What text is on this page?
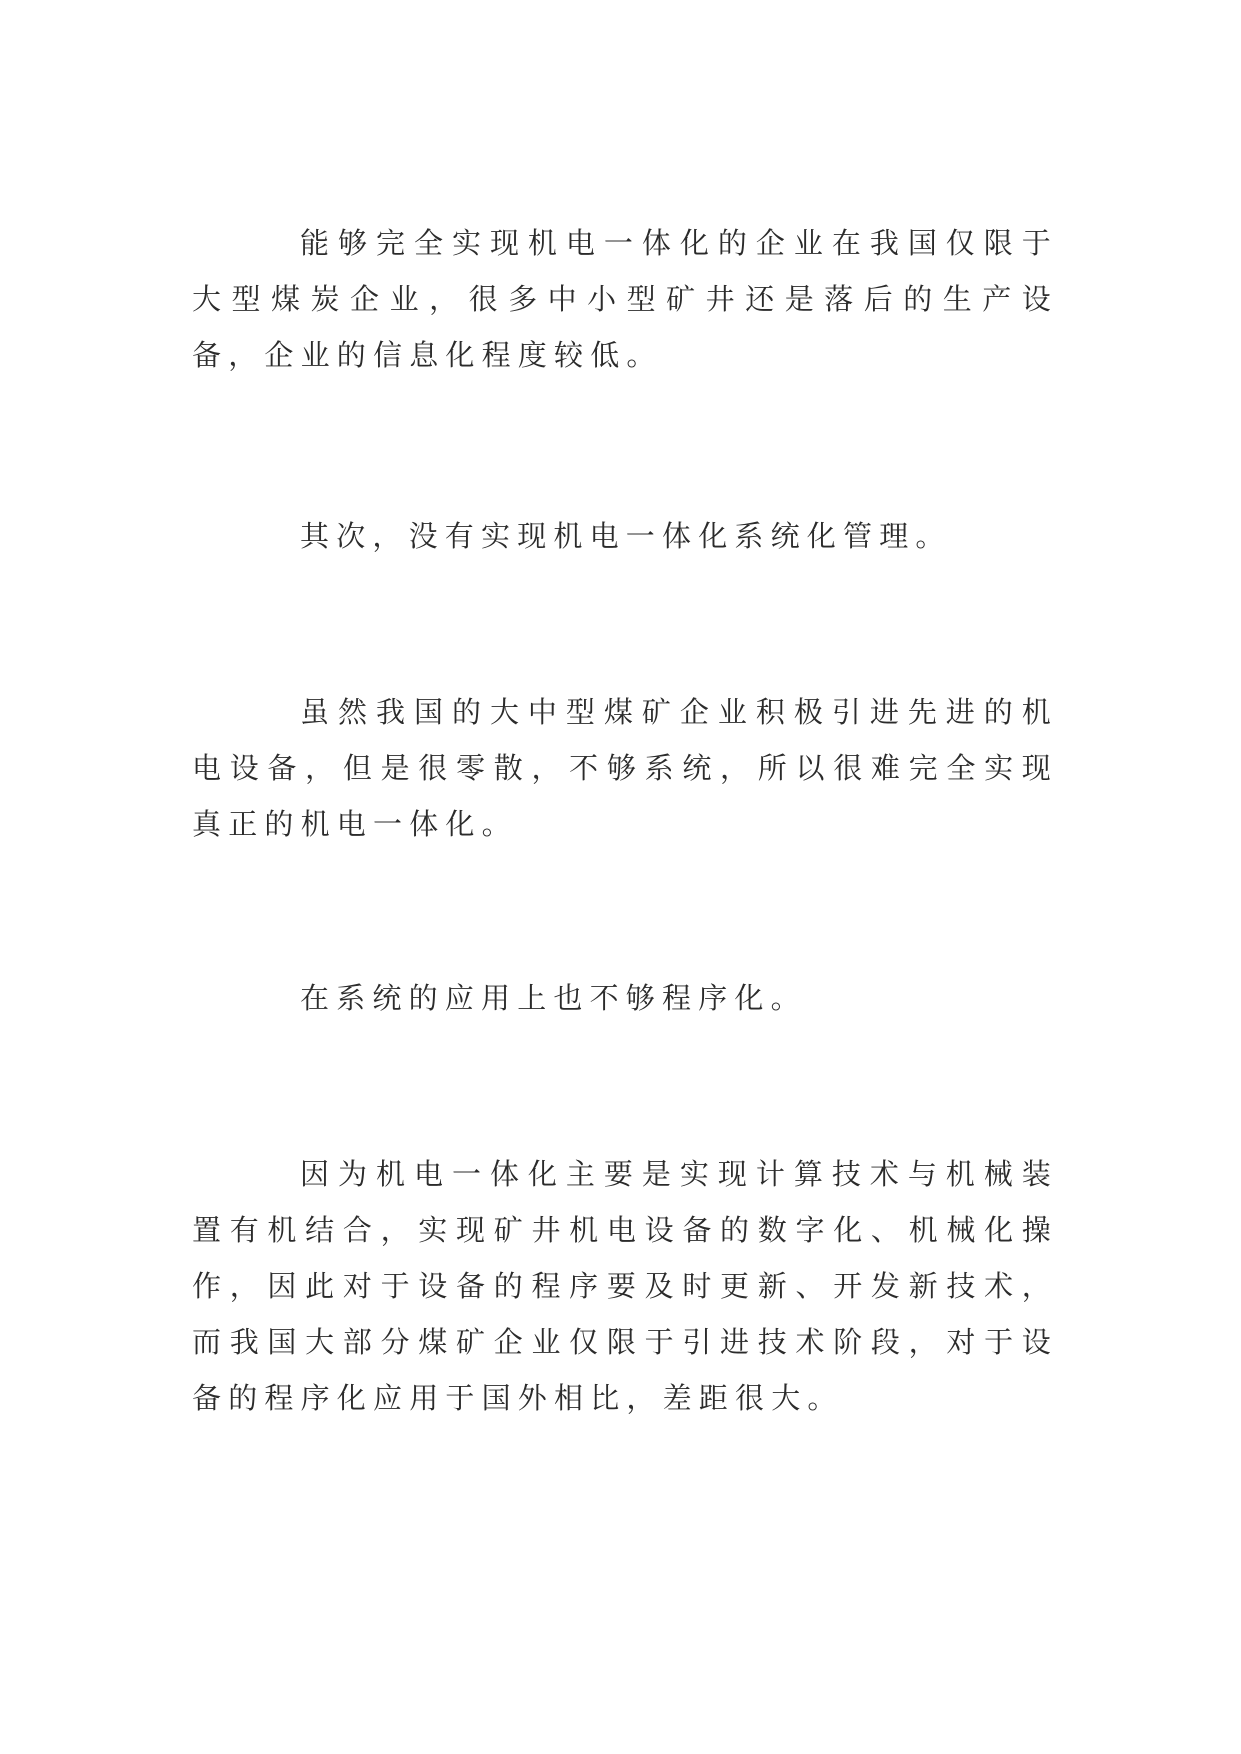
能够完全实现机电一体化的企业在我国仅限于大型煤炭企业，很多中小型矿井还是落后的生产设备，企业的信息化程度较低。

其次，没有实现机电一体化系统化管理。

虽然我国的大中型煤矿企业积极引进先进的机电设备，但是很零散，不够系统，所以很难完全实现真正的机电一体化。

在系统的应用上也不够程序化。

因为机电一体化主要是实现计算技术与机械装置有机结合，实现矿井机电设备的数字化、机械化操作，因此对于设备的程序要及时更新、开发新技术，而我国大部分煤矿企业仅限于引进技术阶段，对于设备的程序化应用于国外相比，差距很大。
